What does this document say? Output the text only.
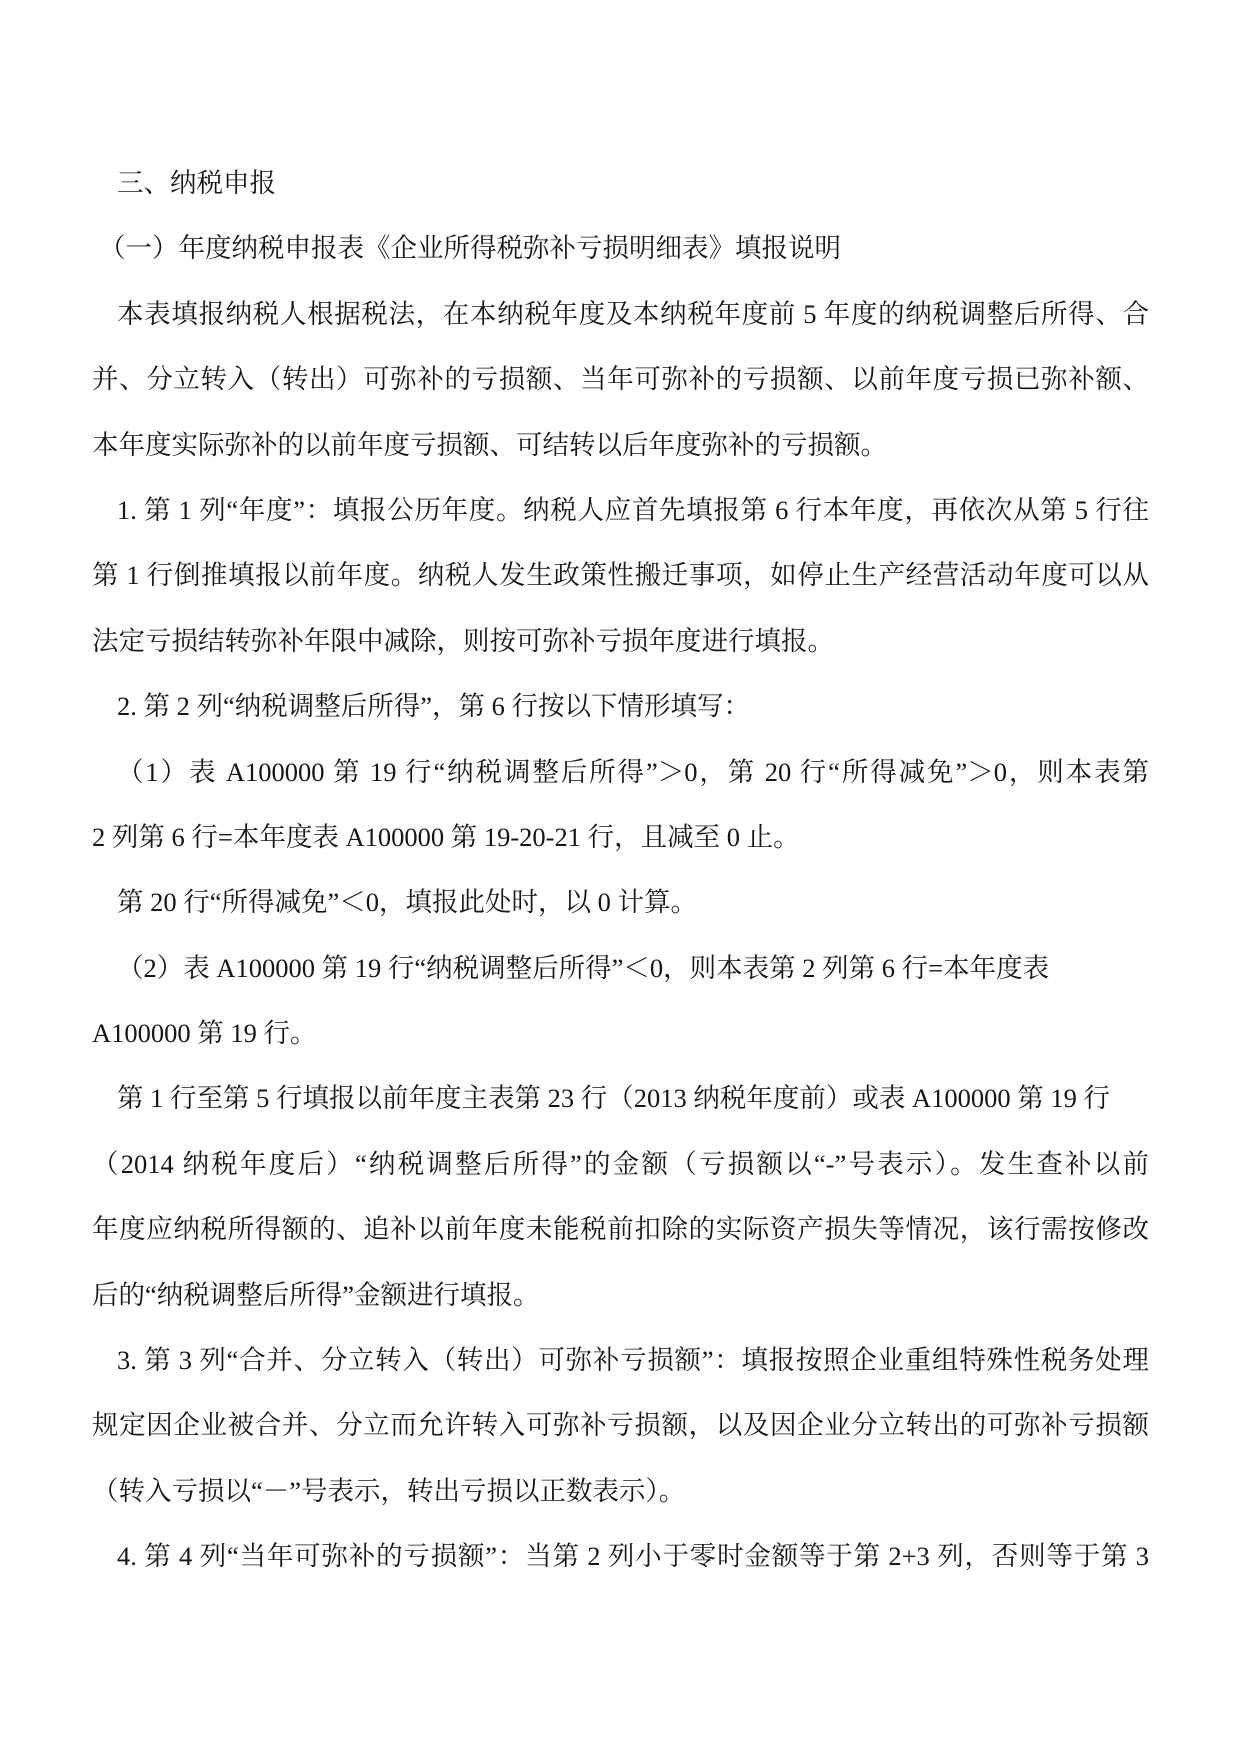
三、纳税申报
（一）年度纳税申报表《企业所得税弥补亏损明细表》填报说明
本表填报纳税人根据税法，在本纳税年度及本纳税年度前 5 年度的纳税调整后所得、合
并、分立转入（转出）可弥补的亏损额、当年可弥补的亏损额、以前年度亏损已弥补额、
本年度实际弥补的以前年度亏损额、可结转以后年度弥补的亏损额。
1. 第 1 列“年度”：填报公历年度。纳税人应首先填报第 6 行本年度，再依次从第 5 行往
第 1 行倒推填报以前年度。纳税人发生政策性搬迁事项，如停止生产经营活动年度可以从
法定亏损结转弥补年限中减除，则按可弥补亏损年度进行填报。
2. 第 2 列“纳税调整后所得”，第 6 行按以下情形填写：
（1）表 A100000 第 19 行“纳税调整后所得”＞0，第 20 行“所得减免”＞0，则本表第
2 列第 6 行=本年度表 A100000 第 19-20-21 行，且减至 0 止。
第 20 行“所得减免”＜0，填报此处时，以 0 计算。
（2）表 A100000 第 19 行“纳税调整后所得”＜0，则本表第 2 列第 6 行=本年度表
A100000 第 19 行。
第 1 行至第 5 行填报以前年度主表第 23 行（2013 纳税年度前）或表 A100000 第 19 行
（2014 纳税年度后）“纳税调整后所得”的金额（亏损额以“-”号表示）。发生查补以前
年度应纳税所得额的、追补以前年度未能税前扣除的实际资产损失等情况，该行需按修改
后的“纳税调整后所得”金额进行填报。
3. 第 3 列“合并、分立转入（转出）可弥补亏损额”：填报按照企业重组特殊性税务处理
规定因企业被合并、分立而允许转入可弥补亏损额，以及因企业分立转出的可弥补亏损额
（转入亏损以“－”号表示，转出亏损以正数表示）。
4. 第 4 列“当年可弥补的亏损额”：当第 2 列小于零时金额等于第 2+3 列，否则等于第 3
